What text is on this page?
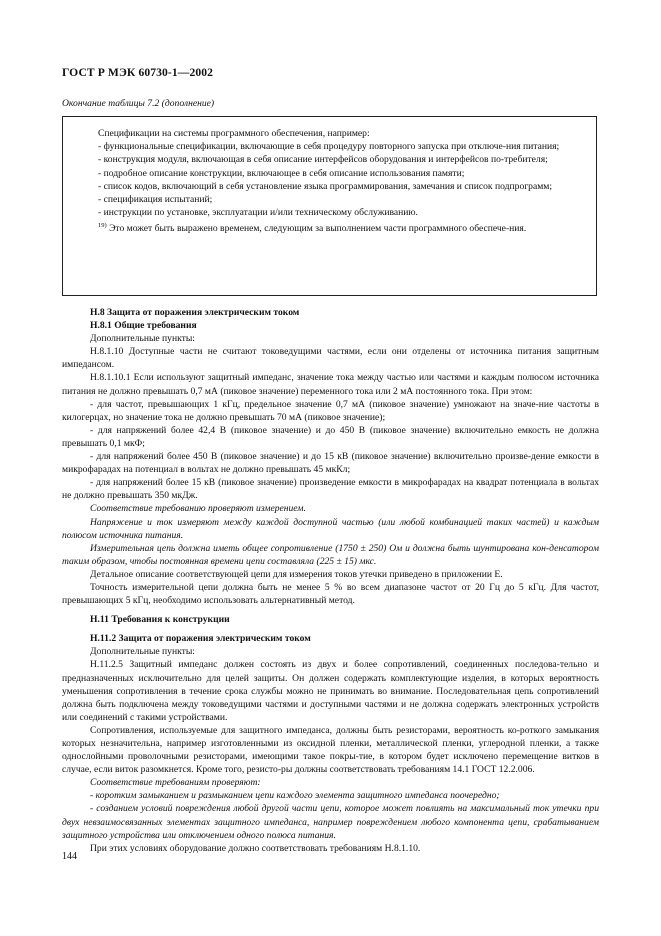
ГОСТ Р МЭК 60730-1—2002
Окончание таблицы 7.2 (дополнение)

Спецификации на системы программного обеспечения, например:

- функциональные спецификации, включающие в себя процедуру повторного запуска при отключе-ния питания;

- конструкция модуля, включающая в себя описание интерфейсов оборудования и интерфейсов по-требителя;

- подробное описание конструкции, включающее в себя описание использования памяти;

- список кодов, включающий в себя установление языка программирования, замечания и список подпрограмм;

- спецификация испытаний;

- инструкции по установке, эксплуатации и/или техническому обслуживанию.

$^{19)}$ Это может быть выражено временем, следующим за выполнением части программного обеспече-ния.

Н.8 Защита от поражения электрическим током

Н.8.1 Общие требования

Дополнительные пункты:

Н.8.1.10 Доступные части не считают токоведущими частями, если они отделены от источника питания защитным импедансом.

Н.8.1.10.1 Если используют защитный импеданс, значение тока между частью или частями и каждым полюсом источника питания не должно превышать 0,7 мА (пиковое значение) переменного тока или 2 мА постоянного тока. При этом:

- для частот, превышающих 1 кГц, предельное значение 0,7 мА (пиковое значение) умножают на значе-ние частоты в килогерцах, но значение тока не должно превышать 70 мА (пиковое значение);

- для напряжений более 42,4 В (пиковое значение) и до 450 В (пиковое значение) включительно емкость не должна превышать 0,1 мкФ;

- для напряжений более 450 В (пиковое значение) и до 15 кВ (пиковое значение) включительно произве-дение емкости в микрофарадах на потенциал в вольтах не должно превышать 45 мкКл;

- для напряжений более 15 кВ (пиковое значение) произведение емкости в микрофарадах на квадрат потенциала в вольтах не должно превышать 350 мкДж.

Соответствие требованию проверяют измерением.

Напряжение и ток измеряют между каждой доступной частью (или любой комбинацией таких частей) и каждым полюсом источника питания.

Измерительная цепь должна иметь общее сопротивление (1750 ± 250) Ом и должна быть шунтирована кон-денсатором таким образом, чтобы постоянная времени цепи составляла (225 ± 15) мкс.

Детальное описание соответствующей цепи для измерения токов утечки приведено в приложении Е.

Точность измерительной цепи должна быть не менее 5 % во всем диапазоне частот от 20 Гц до 5 кГц. Для частот, превышающих 5 кГц, необходимо использовать альтернативный метод.

Н.11 Требования к конструкции

Н.11.2 Защита от поражения электрическим током

Дополнительные пункты:

Н.11.2.5 Защитный импеданс должен состоять из двух и более сопротивлений, соединенных последова-тельно и предназначенных исключительно для целей защиты. Он должен содержать комплектующие изделия, в которых вероятность уменьшения сопротивления в течение срока службы можно не принимать во внимание. Последовательная цепь сопротивлений должна быть подключена между токоведущими частями и доступными частями и не должна содержать электронных устройств или соединений с такими устройствами.

Сопротивления, используемые для защитного импеданса, должны быть резисторами, вероятность ко-роткого замыкания которых незначительна, например изготовленными из оксидной пленки, металлической пленки, углеродной пленки, а также однослойными проволочными резисторами, имеющими такое покры-тие, в котором будет исключено перемещение витков в случае, если виток разомкнется. Кроме того, резисто-ры должны соответствовать требованиям 14.1 ГОСТ 12.2.006.

Соответствие требованиям проверяют:

- коротким замыканием и размыканием цепи каждого элемента защитного импеданса поочередно;

- созданием условий повреждения любой другой части цепи, которое может повлиять на максимальный ток утечки при двух невзаимосвязанных элементах защитного импеданса, например повреждением любого компонента цепи, срабатыванием защитного устройства или отключением одного полюса питания.

При этих условиях оборудование должно соответствовать требованиям Н.8.1.10.

144
